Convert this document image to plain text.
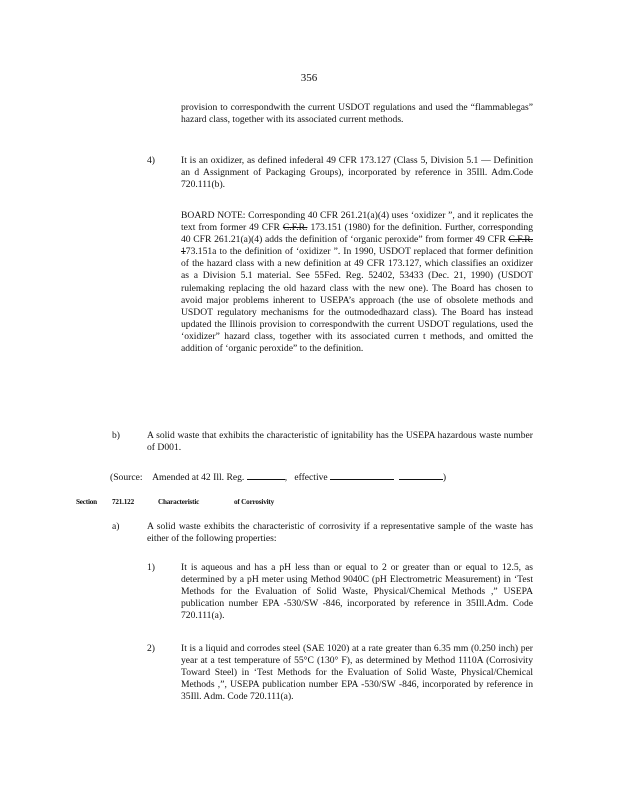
356
provision to correspondwith the current USDOT regulations and used the “flammablegas” hazard class, together with its associated current methods.
4)	It is an oxidizer, as defined infederal 49 CFR 173.127 (Class 5, Division 5.1 — Definition an d Assignment of Packaging Groups), incorporated by reference in 35Ill. Adm.Code 720.111(b).
BOARD NOTE: Corresponding 40 CFR 261.21(a)(4) uses ‘oxidizer ”, and it replicates the text from former 49 CFR C.F.R. 173.151 (1980) for the definition. Further, corresponding 40 CFR 261.21(a)(4) adds the definition of ‘organic peroxide” from former 49 CFR C.F.R. 173.151a to the definition of ‘oxidizer ”. In 1990, USDOT replaced that former definition of the hazard class with a new definition at 49 CFR 173.127, which classifies an oxidizer as a Division 5.1 material. See 55Fed. Reg. 52402, 53433 (Dec. 21, 1990) (USDOT rulemaking replacing the old hazard class with the new one). The Board has chosen to avoid major problems inherent to USEPA’s approach (the use of obsolete methods and USDOT regulatory mechanisms for the outmodedhazard class). The Board has instead updated the Illinois provision to correspondwith the current USDOT regulations, used the ‘oxidizer” hazard class, together with its associated curren t methods, and omitted the addition of ‘organic peroxide” to the definition.
b)	A solid waste that exhibits the characteristic of ignitability has the USEPA hazardous waste number of D001.
(Source: Amended at 42 Ill. Reg.	, effective	)
Section 721.122	Characteristic	of Corrosivity
a)	A solid waste exhibits the characteristic of corrosivity if a representative sample of the waste has either of the following properties:
1)	It is aqueous and has a pH less than or equal to 2 or greater than or equal to 12.5, as determined by a pH meter using Method 9040C (pH Electrometric Measurement) in ‘Test Methods for the Evaluation of Solid Waste, Physical/Chemical Methods ,” USEPA publication number EPA -530/SW -846, incorporated by reference in 35Ill.Adm. Code 720.111(a).
2)	It is a liquid and corrodes steel (SAE 1020) at a rate greater than 6.35 mm (0.250 inch) per year at a test temperature of 55°C (130° F), as determined by Method 1110A (Corrosivity Toward Steel) in ‘Test Methods for the Evaluation of Solid Waste, Physical/Chemical Methods ,”, USEPA publication number EPA -530/SW -846, incorporated by reference in 35Ill. Adm. Code 720.111(a).
